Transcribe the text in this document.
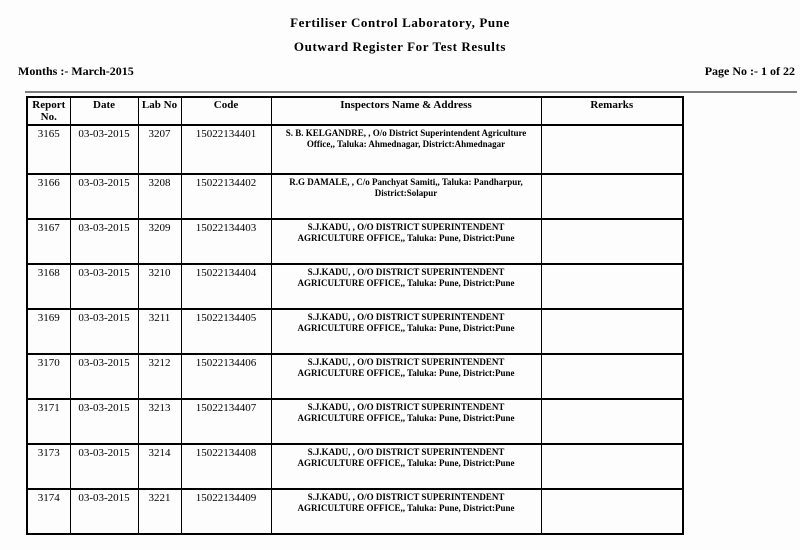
Fertiliser Control Laboratory, Pune
Outward Register For Test Results
Months :- March-2015	Page No :- 1 of 22
Report No.	Date	Lab No	Code	Inspectors Name & Address	Remarks
3165	03-03-2015	3207	15022134401	S. B. KELGANDRE, , O/o District Superintendent Agriculture Office,, Taluka: Ahmednagar, District:Ahmednagar	
3166	03-03-2015	3208	15022134402	R.G DAMALE, , C/o Panchyat Samiti,, Taluka: Pandharpur, District:Solapur	
3167	03-03-2015	3209	15022134403	S.J.KADU, , O/O DISTRICT SUPERINTENDENT AGRICULTURE OFFICE,, Taluka: Pune, District:Pune	
3168	03-03-2015	3210	15022134404	S.J.KADU, , O/O DISTRICT SUPERINTENDENT AGRICULTURE OFFICE,, Taluka: Pune, District:Pune	
3169	03-03-2015	3211	15022134405	S.J.KADU, , O/O DISTRICT SUPERINTENDENT AGRICULTURE OFFICE,, Taluka: Pune, District:Pune	
3170	03-03-2015	3212	15022134406	S.J.KADU, , O/O DISTRICT SUPERINTENDENT AGRICULTURE OFFICE,, Taluka: Pune, District:Pune	
3171	03-03-2015	3213	15022134407	S.J.KADU, , O/O DISTRICT SUPERINTENDENT AGRICULTURE OFFICE,, Taluka: Pune, District:Pune	
3173	03-03-2015	3214	15022134408	S.J.KADU, , O/O DISTRICT SUPERINTENDENT AGRICULTURE OFFICE,, Taluka: Pune, District:Pune	
3174	03-03-2015	3221	15022134409	S.J.KADU, , O/O DISTRICT SUPERINTENDENT AGRICULTURE OFFICE,, Taluka: Pune, District:Pune	
